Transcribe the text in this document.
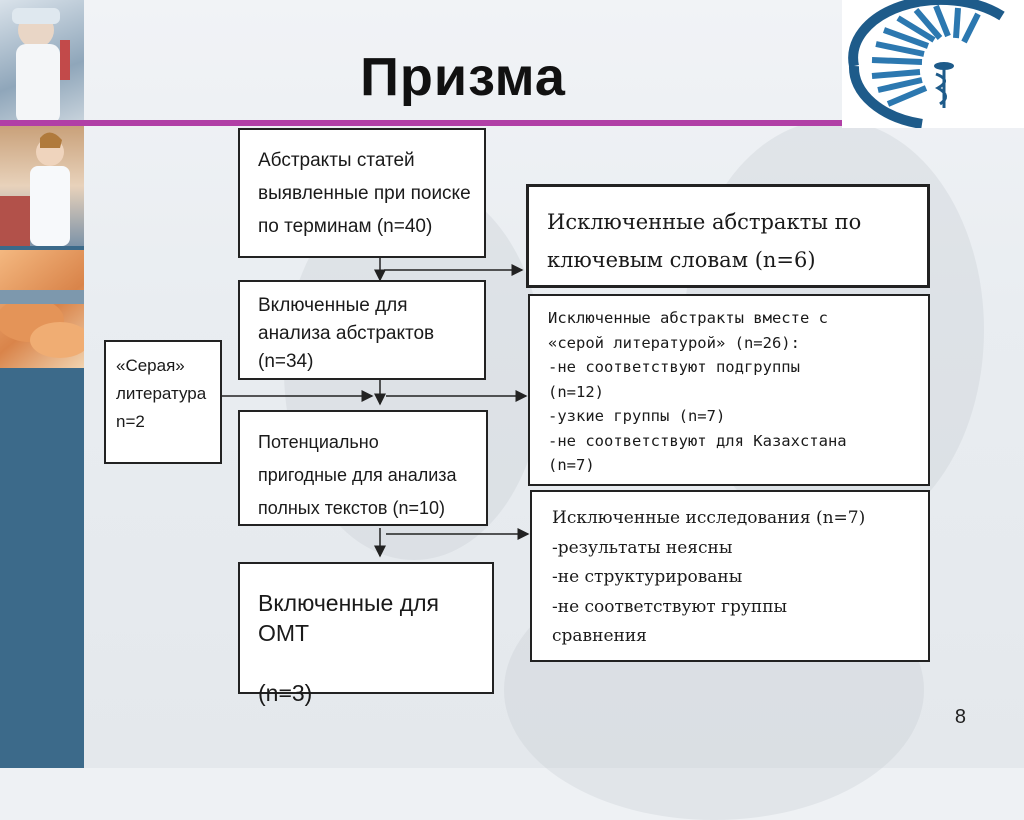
Призма

Абстракты статей
выявленные при поиске
по терминам (n=40)

Включенные для
анализа абстрактов
(n=34)

«Серая»
литература
n=2

Потенциально
пригодные для анализа
полных текстов (n=10)

Включенные для ОМТ

(n=3)

Исключенные абстракты по
ключевым словам (n=6)

Исключенные абстракты вместе с
«серой литературой» (n=26):
-не соответствуют подгруппы
(n=12)
-узкие группы (n=7)
-не соответствуют для Казахстана
(n=7)

Исключенные исследования (n=7)
-результаты неясны
-не структурированы
-не соответствуют группы
сравнения

8
